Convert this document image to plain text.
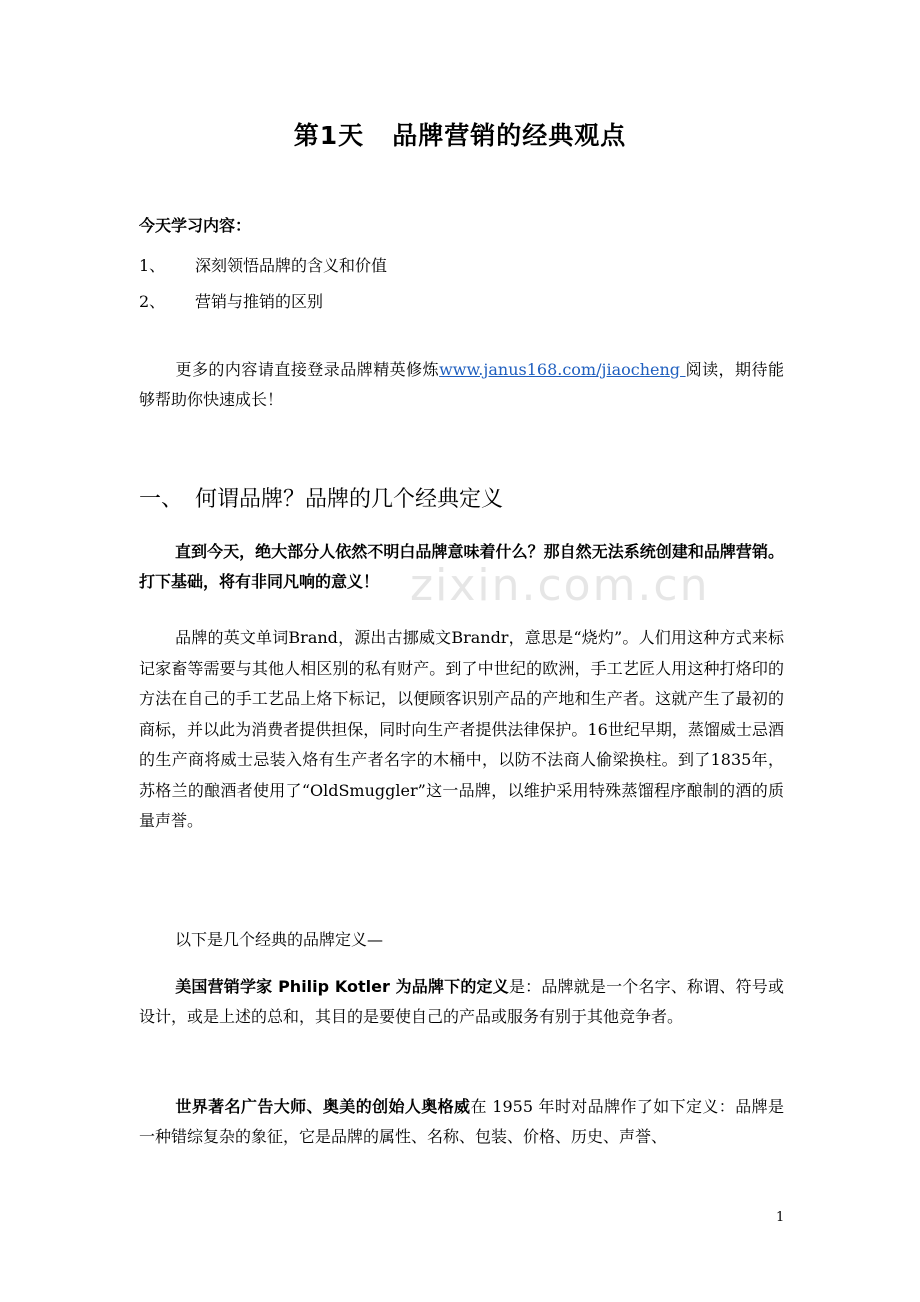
第1天 品牌营销的经典观点
今天学习内容：
1、 深刻领悟品牌的含义和价值
2、 营销与推销的区别
更多的内容请直接登录品牌精英修炼www.janus168.com/jiaocheng 阅读，期待能够帮助你快速成长！
一、 何谓品牌？品牌的几个经典定义
直到今天，绝大部分人依然不明白品牌意味着什么？那自然无法系统创建和品牌营销。打下基础，将有非同凡响的意义！
品牌的英文单词Brand，源出古挪威文Brandr，意思是“烧灼”。人们用这种方式来标记家畜等需要与其他人相区别的私有财产。到了中世纪的欧洲，手工艺匠人用这种打烙印的方法在自己的手工艺品上烙下标记，以便顾客识别产品的产地和生产者。这就产生了最初的商标，并以此为消费者提供担保，同时向生产者提供法律保护。16世纪早期，蒸馏威士忌酒的生产商将威士忌装入烙有生产者名字的木桶中，以防不法商人偷梁换柱。到了1835年，苏格兰的酿酒者使用了“OldSmuggler”这一品牌，以维护采用特殊蒸馏程序酿制的酒的质量声誉。
以下是几个经典的品牌定义—
美国营销学家 Philip Kotler 为品牌下的定义是：品牌就是一个名字、称谓、符号或设计，或是上述的总和，其目的是要使自己的产品或服务有别于其他竞争者。
世界著名广告大师、奥美的创始人奥格威在 1955 年时对品牌作了如下定义：品牌是一种错综复杂的象征，它是品牌的属性、名称、包装、价格、历史、声誉、
zixin.com.cn
1
